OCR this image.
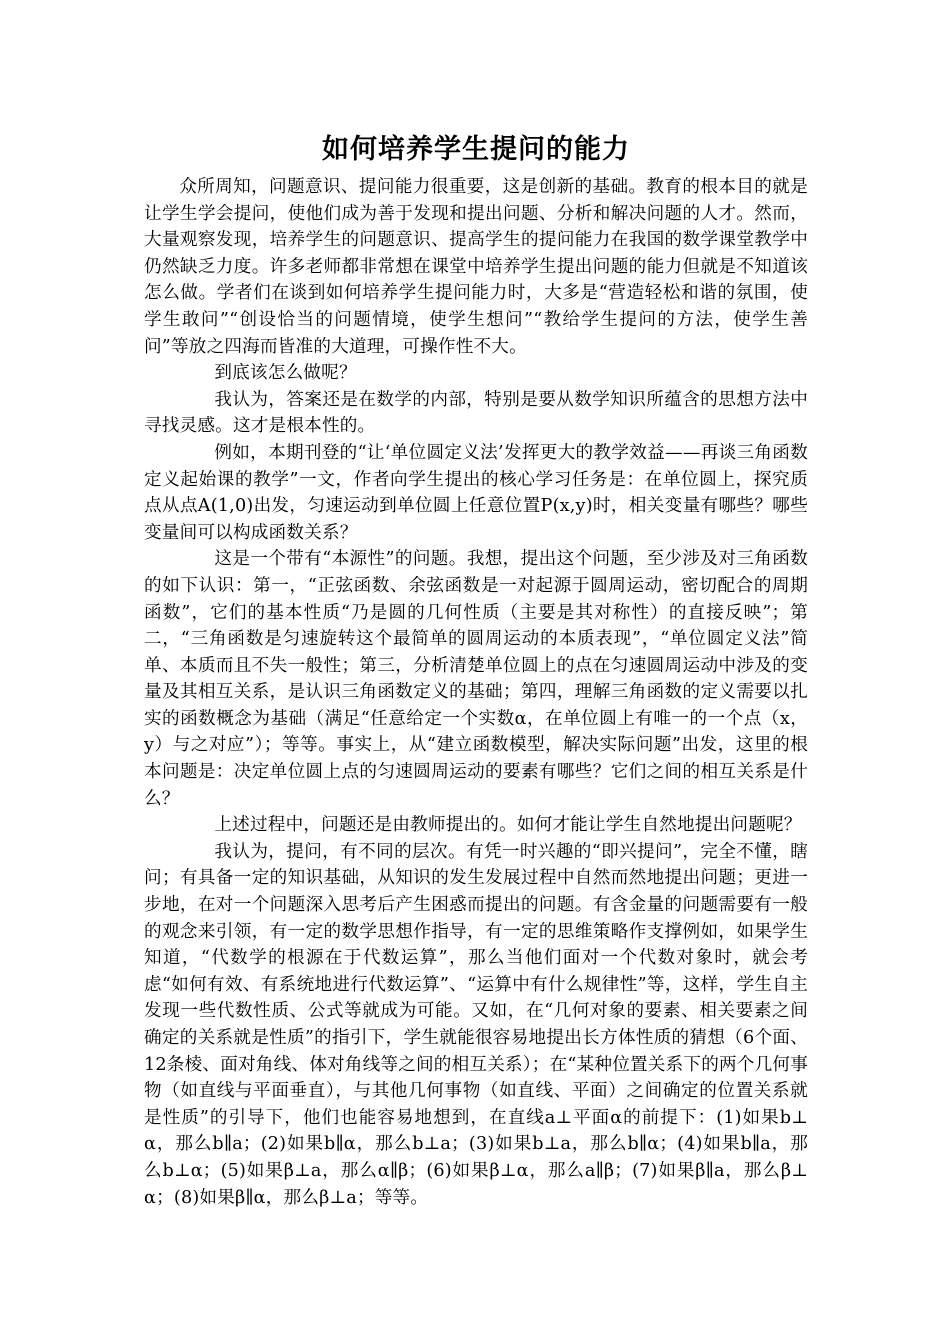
如何培养学生提问的能力

众所周知，问题意识、提问能力很重要，这是创新的基础。教育的根本目的就是让学生学会提问，使他们成为善于发现和提出问题、分析和解决问题的人才。然而，大量观察发现，培养学生的问题意识、提高学生的提问能力在我国的数学课堂教学中仍然缺乏力度。许多老师都非常想在课堂中培养学生提出问题的能力但就是不知道该怎么做。学者们在谈到如何培养学生提问能力时，大多是“营造轻松和谐的氛围，使学生敢问”“创设恰当的问题情境，使学生想问”“教给学生提问的方法，使学生善问”等放之四海而皆准的大道理，可操作性不大。

到底该怎么做呢？

我认为，答案还是在数学的内部，特别是要从数学知识所蕴含的思想方法中寻找灵感。这才是根本性的。

例如，本期刊登的“让‘单位圆定义法’发挥更大的教学效益——再谈三角函数定义起始课的教学”一文，作者向学生提出的核心学习任务是：在单位圆上，探究质点从点A(1,0)出发，匀速运动到单位圆上任意位置P(x,y)时，相关变量有哪些？哪些变量间可以构成函数关系？

这是一个带有“本源性”的问题。我想，提出这个问题，至少涉及对三角函数的如下认识：第一，“正弦函数、余弦函数是一对起源于圆周运动，密切配合的周期函数”，它们的基本性质“乃是圆的几何性质（主要是其对称性）的直接反映”；第二，“三角函数是匀速旋转这个最简单的圆周运动的本质表现”，“单位圆定义法”简单、本质而且不失一般性；第三，分析清楚单位圆上的点在匀速圆周运动中涉及的变量及其相互关系，是认识三角函数定义的基础；第四，理解三角函数的定义需要以扎实的函数概念为基础（满足“任意给定一个实数α，在单位圆上有唯一的一个点（x，y）与之对应”）；等等。事实上，从“建立函数模型，解决实际问题”出发，这里的根本问题是：决定单位圆上点的匀速圆周运动的要素有哪些？它们之间的相互关系是什么？

上述过程中，问题还是由教师提出的。如何才能让学生自然地提出问题呢？

我认为，提问，有不同的层次。有凭一时兴趣的“即兴提问”，完全不懂，瞎问；有具备一定的知识基础，从知识的发生发展过程中自然而然地提出问题；更进一步地，在对一个问题深入思考后产生困惑而提出的问题。有含金量的问题需要有一般的观念来引领，有一定的数学思想作指导，有一定的思维策略作支撑例如，如果学生知道，“代数学的根源在于代数运算”，那么当他们面对一个代数对象时，就会考虑“如何有效、有系统地进行代数运算”、“运算中有什么规律性”等，这样，学生自主发现一些代数性质、公式等就成为可能。又如，在“几何对象的要素、相关要素之间确定的关系就是性质”的指引下，学生就能很容易地提出长方体性质的猜想（6个面、12条棱、面对角线、体对角线等之间的相互关系）；在“某种位置关系下的两个几何事物（如直线与平面垂直），与其他几何事物（如直线、平面）之间确定的位置关系就是性质”的引导下，他们也能容易地想到，在直线a⊥平面α的前提下：(1)如果b⊥α，那么b∥a；(2)如果b∥α，那么b⊥a；(3)如果b⊥a，那么b∥α；(4)如果b∥a，那么b⊥α；(5)如果β⊥a，那么α∥β；(6)如果β⊥α，那么a∥β；(7)如果β∥a，那么β⊥α；(8)如果β∥α，那么β⊥a；等等。
